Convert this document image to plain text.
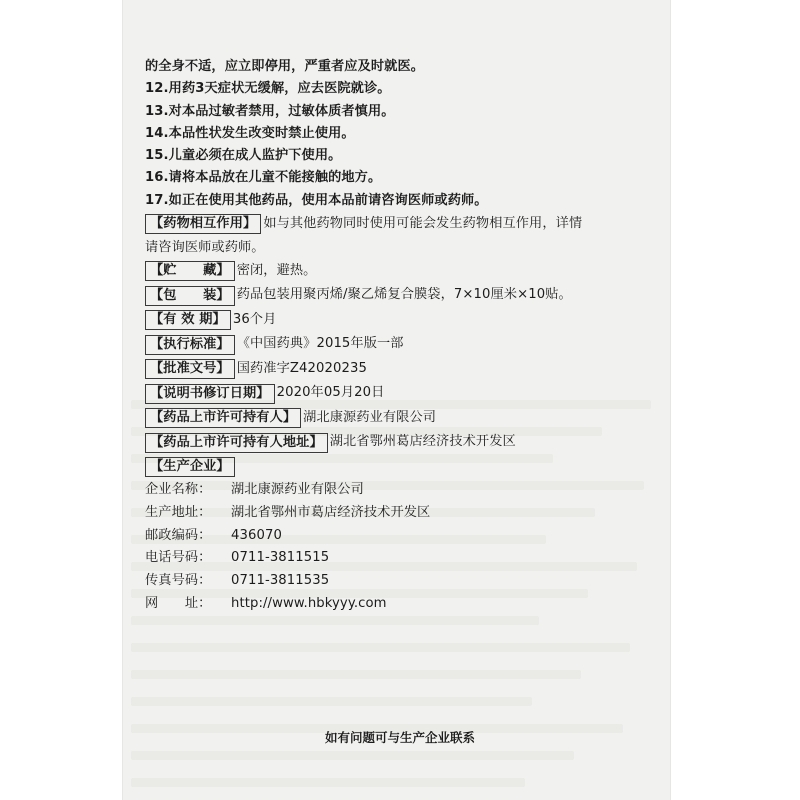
的全身不适，应立即停用，严重者应及时就医。
12.用药3天症状无缓解，应去医院就诊。
13.对本品过敏者禁用，过敏体质者慎用。
14.本品性状发生改变时禁止使用。
15.儿童必须在成人监护下使用。
16.请将本品放在儿童不能接触的地方。
17.如正在使用其他药品，使用本品前请咨询医师或药师。
【药物相互作用】 如与其他药物同时使用可能会发生药物相互作用，详情
请咨询医师或药师。
【贮　　藏】 密闭，避热。
【包　　装】 药品包装用聚丙烯/聚乙烯复合膜袋，7×10厘米×10贴。
【有 效 期】 36个月
【执行标准】 《中国药典》2015年版一部
【批准文号】 国药准字Z42020235
【说明书修订日期】 2020年05月20日
【药品上市许可持有人】 湖北康源药业有限公司
【药品上市许可持有人地址】 湖北省鄂州葛店经济技术开发区
【生产企业】
企业名称： 湖北康源药业有限公司
生产地址： 湖北省鄂州市葛店经济技术开发区
邮政编码： 436070
电话号码： 0711-3811515
传真号码： 0711-3811535
网　　址： http://www.hbkyyy.com
如有问题可与生产企业联系
